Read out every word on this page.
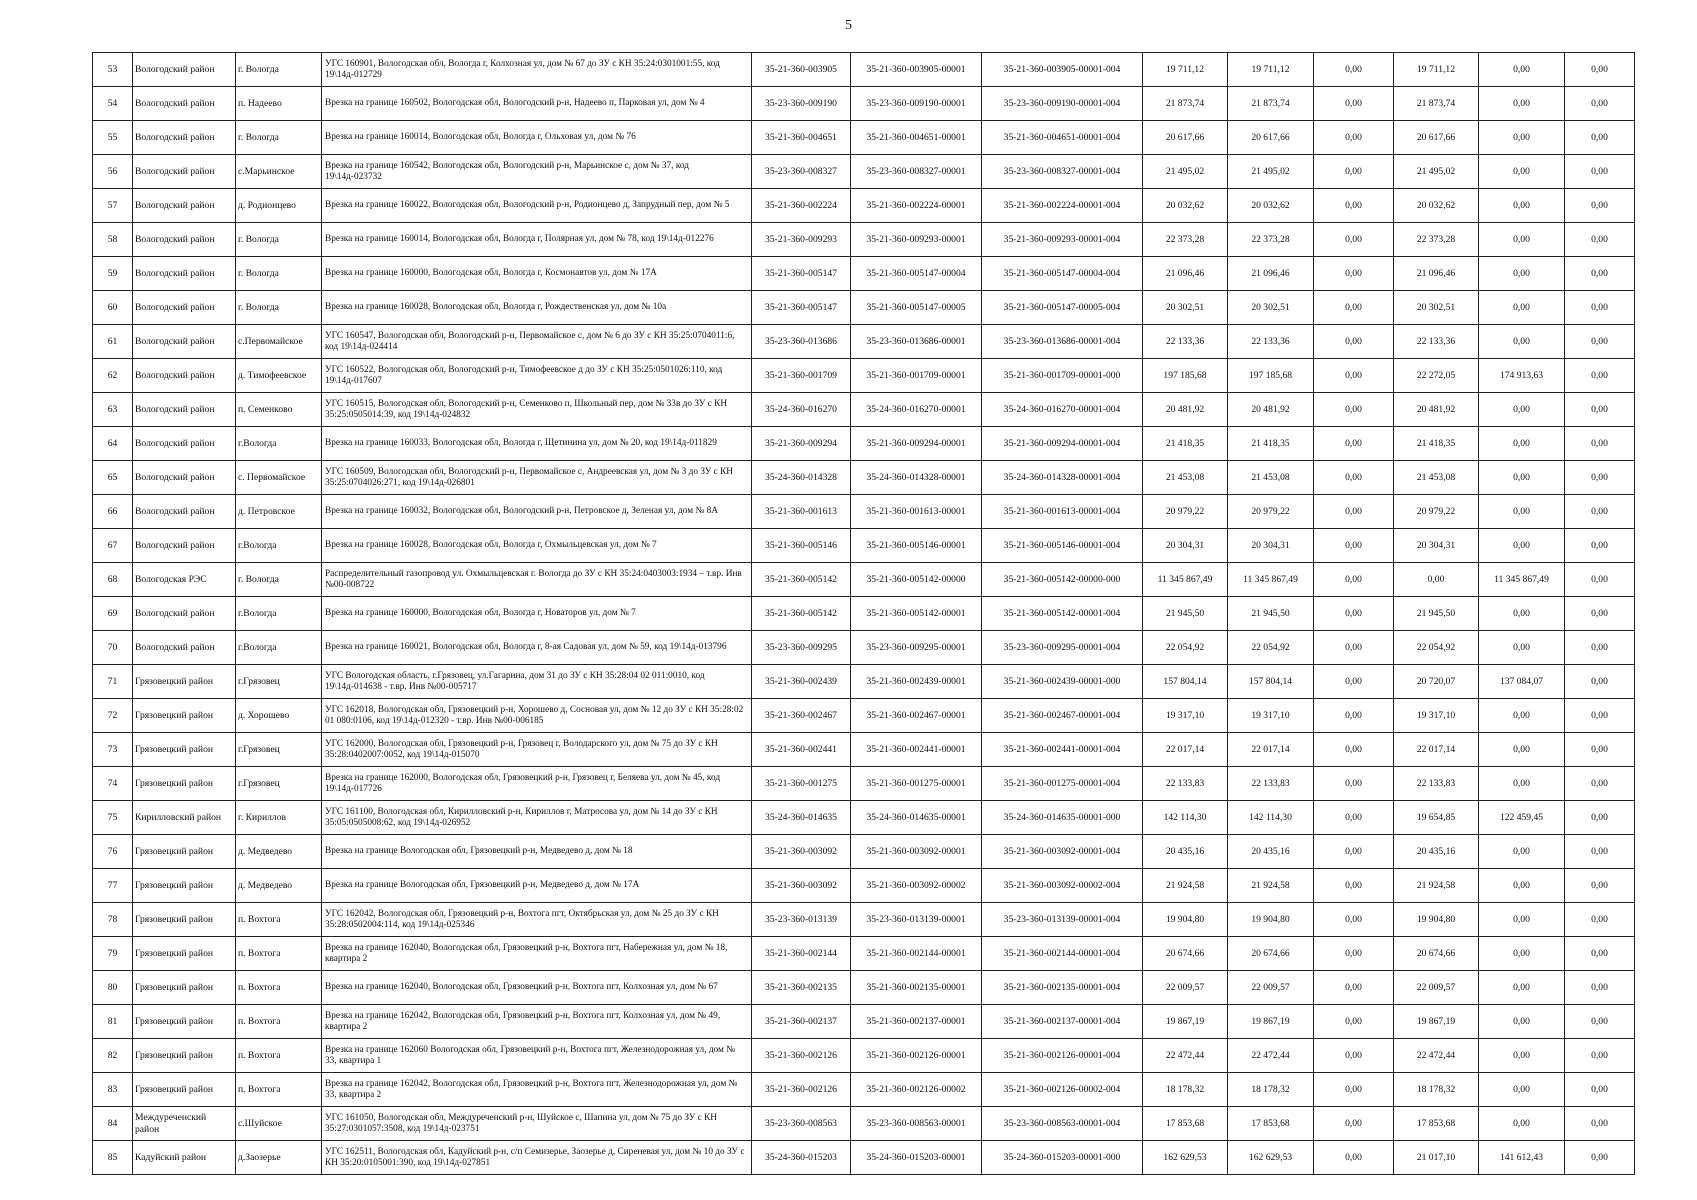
5
53	Вологодский район	г. Вологда	УГС 160901, Вологодская обл, Вологда г, Колхозная ул, дом № 67 до ЗУ с КН 35:24:0301001:55, код 19\14д-012729	35-21-360-003905	35-21-360-003905-00001	35-21-360-003905-00001-004	19 711,12	19 711,12	0,00	19 711,12	0,00	0,00
54	Вологодский район	п. Надеево	Врезка на границе 160502, Вологодская обл, Вологодский р-н, Надеево п, Парковая ул, дом № 4	35-23-360-009190	35-23-360-009190-00001	35-23-360-009190-00001-004	21 873,74	21 873,74	0,00	21 873,74	0,00	0,00
55	Вологодский район	г. Вологда	Врезка на границе 160014, Вологодская обл, Вологда г, Ольховая ул, дом № 76	35-21-360-004651	35-21-360-004651-00001	35-21-360-004651-00001-004	20 617,66	20 617,66	0,00	20 617,66	0,00	0,00
56	Вологодский район	с.Марьинское	Врезка на границе 160542, Вологодская обл, Вологодский р-н, Марьинское с, дом № 37, код 19\14д-023732	35-23-360-008327	35-23-360-008327-00001	35-23-360-008327-00001-004	21 495,02	21 495,02	0,00	21 495,02	0,00	0,00
57	Вологодский район	д. Родионцево	Врезка на границе 160022, Вологодская обл, Вологодский р-н, Родионцево д, Запрудный пер, дом № 5	35-21-360-002224	35-21-360-002224-00001	35-21-360-002224-00001-004	20 032,62	20 032,62	0,00	20 032,62	0,00	0,00
58	Вологодский район	г. Вологда	Врезка на границе 160014, Вологодская обл, Вологда г, Полярная ул, дом № 78, код 19\14д-012276	35-21-360-009293	35-21-360-009293-00001	35-21-360-009293-00001-004	22 373,28	22 373,28	0,00	22 373,28	0,00	0,00
59	Вологодский район	г. Вологда	Врезка на границе 160000, Вологодская обл, Вологда г, Космонавтов ул, дом № 17А	35-21-360-005147	35-21-360-005147-00004	35-21-360-005147-00004-004	21 096,46	21 096,46	0,00	21 096,46	0,00	0,00
60	Вологодский район	г. Вологда	Врезка на границе 160028, Вологодская обл, Вологда г, Рождественская ул, дом № 10а	35-21-360-005147	35-21-360-005147-00005	35-21-360-005147-00005-004	20 302,51	20 302,51	0,00	20 302,51	0,00	0,00
61	Вологодский район	с.Первомайское	УГС 160547, Вологодская обл, Вологодский р-н, Первомайское с, дом № 6 до ЗУ с КН 35:25:0704011:6, код 19\14д-024414	35-23-360-013686	35-23-360-013686-00001	35-23-360-013686-00001-004	22 133,36	22 133,36	0,00	22 133,36	0,00	0,00
62	Вологодский район	д. Тимофеевское	УГС 160522, Вологодская обл, Вологодский р-н, Тимофеевское д до ЗУ с КН 35:25:0501026:110, код 19\14д-017607	35-21-360-001709	35-21-360-001709-00001	35-21-360-001709-00001-000	197 185,68	197 185,68	0,00	22 272,05	174 913,63	0,00
63	Вологодский район	п. Семенково	УГС 160515, Вологодская обл, Вологодский р-н, Семенково п, Школьный пер, дом № 33в до ЗУ с КН 35:25:0505014:39, код 19\14д-024832	35-24-360-016270	35-24-360-016270-00001	35-24-360-016270-00001-004	20 481,92	20 481,92	0,00	20 481,92	0,00	0,00
64	Вологодский район	г.Вологда	Врезка на границе 160033, Вологодская обл, Вологда г, Щетинина ул, дом № 20, код 19\14д-011829	35-21-360-009294	35-21-360-009294-00001	35-21-360-009294-00001-004	21 418,35	21 418,35	0,00	21 418,35	0,00	0,00
65	Вологодский район	с. Первомайское	УГС 160509, Вологодская обл, Вологодский р-н, Первомайское с, Андреевская ул, дом № 3 до ЗУ с КН 35:25:0704026:271, код 19\14д-026801	35-24-360-014328	35-24-360-014328-00001	35-24-360-014328-00001-004	21 453,08	21 453,08	0,00	21 453,08	0,00	0,00
66	Вологодский район	д. Петровское	Врезка на границе 160032, Вологодская обл, Вологодский р-н, Петровское д, Зеленая ул, дом № 8А	35-21-360-001613	35-21-360-001613-00001	35-21-360-001613-00001-004	20 979,22	20 979,22	0,00	20 979,22	0,00	0,00
67	Вологодский район	г.Вологда	Врезка на границе 160028, Вологодская обл, Вологда г, Охмыльцевская ул, дом № 7	35-21-360-005146	35-21-360-005146-00001	35-21-360-005146-00001-004	20 304,31	20 304,31	0,00	20 304,31	0,00	0,00
68	Вологодская РЭС	г. Вологда	Распределительный газопровод ул. Охмыльцевская г. Вологда до ЗУ с КН 35:24:0403003:1934 – т.вр. Инв №00-008722	35-21-360-005142	35-21-360-005142-00000	35-21-360-005142-00000-000	11 345 867,49	11 345 867,49	0,00	0,00	11 345 867,49	0,00
69	Вологодский район	г.Вологда	Врезка на границе 160000, Вологодская обл, Вологда г, Новаторов ул, дом № 7	35-21-360-005142	35-21-360-005142-00001	35-21-360-005142-00001-004	21 945,50	21 945,50	0,00	21 945,50	0,00	0,00
70	Вологодский район	г.Вологда	Врезка на границе 160021, Вологодская обл, Вологда г, 8-ая Садовая ул, дом № 59, код 19\14д-013796	35-23-360-009295	35-23-360-009295-00001	35-23-360-009295-00001-004	22 054,92	22 054,92	0,00	22 054,92	0,00	0,00
71	Грязовецкий район	г.Грязовец	УГС Вологодская область, г.Грязовец, ул.Гагарина, дом 31 до ЗУ с КН 35:28:04 02 011:0010, код 19\14д-014638 - т.вр. Инв №00-005717	35-21-360-002439	35-21-360-002439-00001	35-21-360-002439-00001-000	157 804,14	157 804,14	0,00	20 720,07	137 084,07	0,00
72	Грязовецкий район	д. Хорошево	УГС 162018, Вологодская обл, Грязовецкий р-н, Хорошево д, Сосновая ул, дом № 12 до ЗУ с КН 35:28:02 01 080:0106, код 19\14д-012320 - т.вр. Инв №00-006185	35-21-360-002467	35-21-360-002467-00001	35-21-360-002467-00001-004	19 317,10	19 317,10	0,00	19 317,10	0,00	0,00
73	Грязовецкий район	г.Грязовец	УГС 162000, Вологодская обл, Грязовецкий р-н, Грязовец г, Володарского ул, дом № 75 до ЗУ с КН 35:28:0402007:0052, код 19\14д-015070	35-21-360-002441	35-21-360-002441-00001	35-21-360-002441-00001-004	22 017,14	22 017,14	0,00	22 017,14	0,00	0,00
74	Грязовецкий район	г.Грязовец	Врезка на границе 162000, Вологодская обл, Грязовецкий р-н, Грязовец г, Беляева ул, дом № 45, код 19\14д-017726	35-21-360-001275	35-21-360-001275-00001	35-21-360-001275-00001-004	22 133,83	22 133,83	0,00	22 133,83	0,00	0,00
75	Кирилловский район	г. Кириллов	УГС 161100, Вологодская обл, Кирилловский р-н, Кириллов г, Матросова ул, дом № 14 до ЗУ с КН 35:05:0505008:62, код 19\14д-026952	35-24-360-014635	35-24-360-014635-00001	35-24-360-014635-00001-000	142 114,30	142 114,30	0,00	19 654,85	122 459,45	0,00
76	Грязовецкий район	д. Медведево	Врезка на границе Вологодская обл, Грязовецкий р-н, Медведево д, дом № 18	35-21-360-003092	35-21-360-003092-00001	35-21-360-003092-00001-004	20 435,16	20 435,16	0,00	20 435,16	0,00	0,00
77	Грязовецкий район	д. Медведево	Врезка на границе Вологодская обл, Грязовецкий р-н, Медведево д, дом № 17А	35-21-360-003092	35-21-360-003092-00002	35-21-360-003092-00002-004	21 924,58	21 924,58	0,00	21 924,58	0,00	0,00
78	Грязовецкий район	п. Вохтога	УГС 162042, Вологодская обл, Грязовецкий р-н, Вохтога пгт, Октябрьская ул, дом № 25 до ЗУ с КН 35:28:0502004:114, код 19\14д-025346	35-23-360-013139	35-23-360-013139-00001	35-23-360-013139-00001-004	19 904,80	19 904,80	0,00	19 904,80	0,00	0,00
79	Грязовецкий район	п. Вохтога	Врезка на границе 162040, Вологодская обл, Грязовецкий р-н, Вохтога пгт, Набережная ул, дом № 18, квартира 2	35-21-360-002144	35-21-360-002144-00001	35-21-360-002144-00001-004	20 674,66	20 674,66	0,00	20 674,66	0,00	0,00
80	Грязовецкий район	п. Вохтога	Врезка на границе 162040, Вологодская обл, Грязовецкий р-н, Вохтога пгт, Колхозная ул, дом № 67	35-21-360-002135	35-21-360-002135-00001	35-21-360-002135-00001-004	22 009,57	22 009,57	0,00	22 009,57	0,00	0,00
81	Грязовецкий район	п. Вохтога	Врезка на границе 162042, Вологодская обл, Грязовецкий р-н, Вохтога пгт, Колхозная ул, дом № 49, квартира 2	35-21-360-002137	35-21-360-002137-00001	35-21-360-002137-00001-004	19 867,19	19 867,19	0,00	19 867,19	0,00	0,00
82	Грязовецкий район	п. Вохтога	Врезка на границе 162060 Вологодская обл, Грязовецкий р-н, Вохтога пгт, Железнодорожная ул, дом № 33, квартира 1	35-21-360-002126	35-21-360-002126-00001	35-21-360-002126-00001-004	22 472,44	22 472,44	0,00	22 472,44	0,00	0,00
83	Грязовецкий район	п. Вохтога	Врезка на границе 162042, Вологодская обл, Грязовецкий р-н, Вохтога пгт, Железнодорожная ул, дом № 33, квартира 2	35-21-360-002126	35-21-360-002126-00002	35-21-360-002126-00002-004	18 178,32	18 178,32	0,00	18 178,32	0,00	0,00
84	Междуреченский район	с.Шуйское	УГС 161050, Вологодская обл, Междуреченский р-н, Шуйское с, Шапина ул, дом № 75 до ЗУ с КН 35:27:0301057:3508, код 19\14д-023751	35-23-360-008563	35-23-360-008563-00001	35-23-360-008563-00001-004	17 853,68	17 853,68	0,00	17 853,68	0,00	0,00
85	Кадуйский район	д.Заозерье	УГС 162511, Вологодская обл, Кадуйский р-н, с/п Семизерье, Заозерье д, Сиреневая ул, дом № 10 до ЗУ с КН 35:20:0105001:390, код 19\14д-027851	35-24-360-015203	35-24-360-015203-00001	35-24-360-015203-00001-000	162 629,53	162 629,53	0,00	21 017,10	141 612,43	0,00
